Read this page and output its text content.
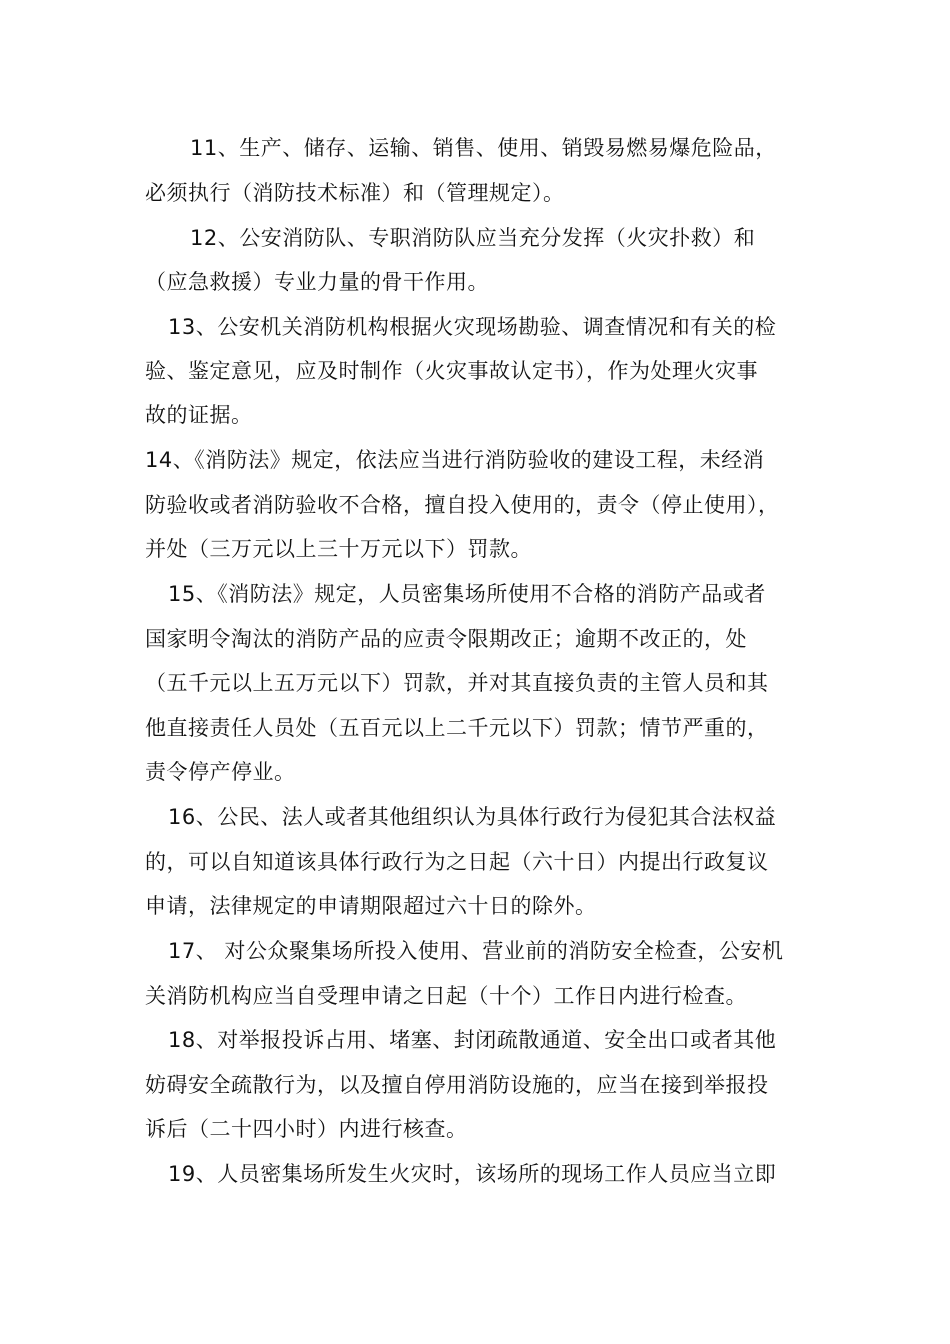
11、生产、储存、运输、销售、使用、销毁易燃易爆危险品，
必须执行（消防技术标准）和（管理规定）。
12、公安消防队、专职消防队应当充分发挥（火灾扑救）和
（应急救援）专业力量的骨干作用。
13、公安机关消防机构根据火灾现场勘验、调查情况和有关的检
验、鉴定意见，应及时制作（火灾事故认定书），作为处理火灾事
故的证据。
14、《消防法》规定，依法应当进行消防验收的建设工程，未经消
防验收或者消防验收不合格，擅自投入使用的，责令（停止使用），
并处（三万元以上三十万元以下）罚款。
15、《消防法》规定，人员密集场所使用不合格的消防产品或者
国家明令淘汰的消防产品的应责令限期改正；逾期不改正的，处
（五千元以上五万元以下）罚款，并对其直接负责的主管人员和其
他直接责任人员处（五百元以上二千元以下）罚款；情节严重的，
责令停产停业。
16、公民、法人或者其他组织认为具体行政行为侵犯其合法权益
的，可以自知道该具体行政行为之日起（六十日）内提出行政复议
申请，法律规定的申请期限超过六十日的除外。
17、 对公众聚集场所投入使用、营业前的消防安全检查，公安机
关消防机构应当自受理申请之日起（十个）工作日内进行检查。
18、对举报投诉占用、堵塞、封闭疏散通道、安全出口或者其他
妨碍安全疏散行为，以及擅自停用消防设施的，应当在接到举报投
诉后（二十四小时）内进行核查。
19、人员密集场所发生火灾时，该场所的现场工作人员应当立即
